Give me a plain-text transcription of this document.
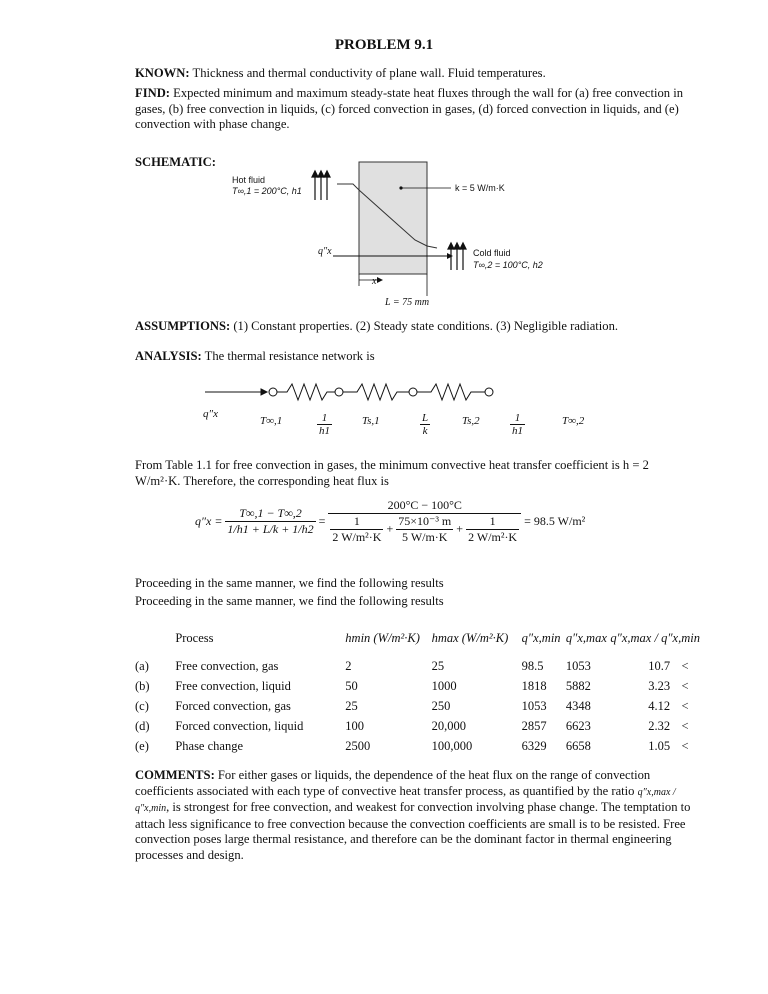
PROBLEM 9.1
KNOWN: Thickness and thermal conductivity of plane wall. Fluid temperatures.
FIND: Expected minimum and maximum steady-state heat fluxes through the wall for (a) free convection in gases, (b) free convection in liquids, (c) forced convection in gases, (d) forced convection in liquids, and (e) convection with phase change.
SCHEMATIC:
Hot fluid
T∞,1 = 200°C, h1	k = 5 W/m·K
q″x	Cold fluid
T∞,2 = 100°C, h2
x
L = 75 mm
ASSUMPTIONS: (1) Constant properties. (2) Steady state conditions. (3) Negligible radiation.
ANALYSIS: The thermal resistance network is
q″x
T∞,1	$\frac{1}{h1}$	Ts,1	$\frac{L}{k}$	Ts,2	$\frac{1}{h1}$	T∞,2
From Table 1.1 for free convection in gases, the minimum convective heat transfer coefficient is h = 2 W/m²·K. Therefore, the corresponding heat flux is
$q''x = \frac{T\infty,1 - T\infty,2}{1/h1 + L/k + 1/h2}$ =
200°C − 100°C
$\frac{1}{\text{2 W/m²·K}} + \frac{\text{75×10⁻³ m}}{5 W/m\cdot K} + \frac{1}{\text{2 W/m²·K}} = 98.5$ W/m²
Proceeding in the same manner, we find the following results
Proceeding in the same manner, we find the following results
	Process	hmin (W/m²·K)	hmax (W/m²·K)	q″x,min	q″x,max	q″x,max / q″x,min	

(a)	Free convection, gas	2	25	98.5	1053	10.7	<
(b)	Free convection, liquid	50	1000	1818	5882	3.23	<
(c)	Forced convection, gas	25	250	1053	4348	4.12	<
(d)	Forced convection, liquid	100	20,000	2857	6623	2.32	<
(e)	Phase change	2500	100,000	6329	6658	1.05	<
COMMENTS: For either gases or liquids, the dependence of the heat flux on the range of convection coefficients associated with each type of convective heat transfer process, as quantified by the ratio q″x,max / q″x,min, is strongest for free convection, and weakest for convection involving phase change. The temptation to attach less significance to free convection because the convection coefficients are small is to be resisted. Free convection poses large thermal resistance, and therefore can be the dominant factor in thermal engineering processes and design.
